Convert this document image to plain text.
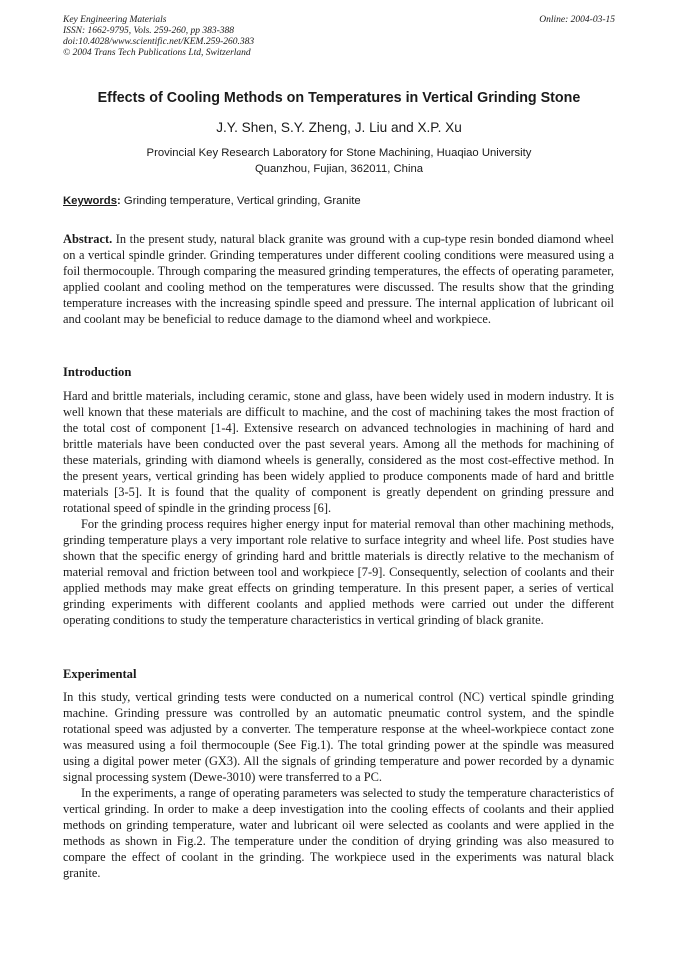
Key Engineering Materials
ISSN: 1662-9795, Vols. 259-260, pp 383-388
doi:10.4028/www.scientific.net/KEM.259-260.383
© 2004 Trans Tech Publications Ltd, Switzerland
Online: 2004-03-15
Effects of Cooling Methods on Temperatures in Vertical Grinding Stone
J.Y. Shen, S.Y. Zheng, J. Liu and X.P. Xu
Provincial Key Research Laboratory for Stone Machining, Huaqiao University
Quanzhou, Fujian, 362011, China
Keywords: Grinding temperature, Vertical grinding, Granite

Abstract. In the present study, natural black granite was ground with a cup-type resin bonded diamond wheel on a vertical spindle grinder. Grinding temperatures under different cooling conditions were measured using a foil thermocouple. Through comparing the measured grinding temperatures, the effects of operating parameter, applied coolant and cooling method on the temperatures were discussed. The results show that the grinding temperature increases with the increasing spindle speed and pressure. The internal application of lubricant oil and coolant may be beneficial to reduce damage to the diamond wheel and workpiece.

Introduction

Hard and brittle materials, including ceramic, stone and glass, have been widely used in modern industry. It is well known that these materials are difficult to machine, and the cost of machining takes the most fraction of the total cost of component [1-4]. Extensive research on advanced technologies in machining of hard and brittle materials have been conducted over the past several years. Among all the methods for machining of these materials, grinding with diamond wheels is generally, considered as the most cost-effective method. In the present years, vertical grinding has been widely applied to produce components made of hard and brittle materials [3-5]. It is found that the quality of component is greatly dependent on grinding pressure and rotational speed of spindle in the grinding process [6].

For the grinding process requires higher energy input for material removal than other machining methods, grinding temperature plays a very important role relative to surface integrity and wheel life. Post studies have shown that the specific energy of grinding hard and brittle materials is directly relative to the mechanism of material removal and friction between tool and workpiece [7-9]. Consequently, selection of coolants and their applied methods may make great effects on grinding temperature. In this present paper, a series of vertical grinding experiments with different coolants and applied methods were carried out under the different operating conditions to study the temperature characteristics in vertical grinding of black granite.

Experimental

In this study, vertical grinding tests were conducted on a numerical control (NC) vertical spindle grinding machine. Grinding pressure was controlled by an automatic pneumatic control system, and the spindle rotational speed was adjusted by a converter. The temperature response at the wheel-workpiece contact zone was measured using a foil thermocouple (See Fig.1). The total grinding power at the spindle was measured using a digital power meter (GX3). All the signals of grinding temperature and power recorded by a dynamic signal processing system (Dewe-3010) were transferred to a PC.

In the experiments, a range of operating parameters was selected to study the temperature characteristics of vertical grinding. In order to make a deep investigation into the cooling effects of coolants and their applied methods on grinding temperature, water and lubricant oil were selected as coolants and were applied in the methods as shown in Fig.2. The temperature under the condition of drying grinding was also measured to compare the effect of coolant in the grinding. The workpiece used in the experiments was natural black granite.
